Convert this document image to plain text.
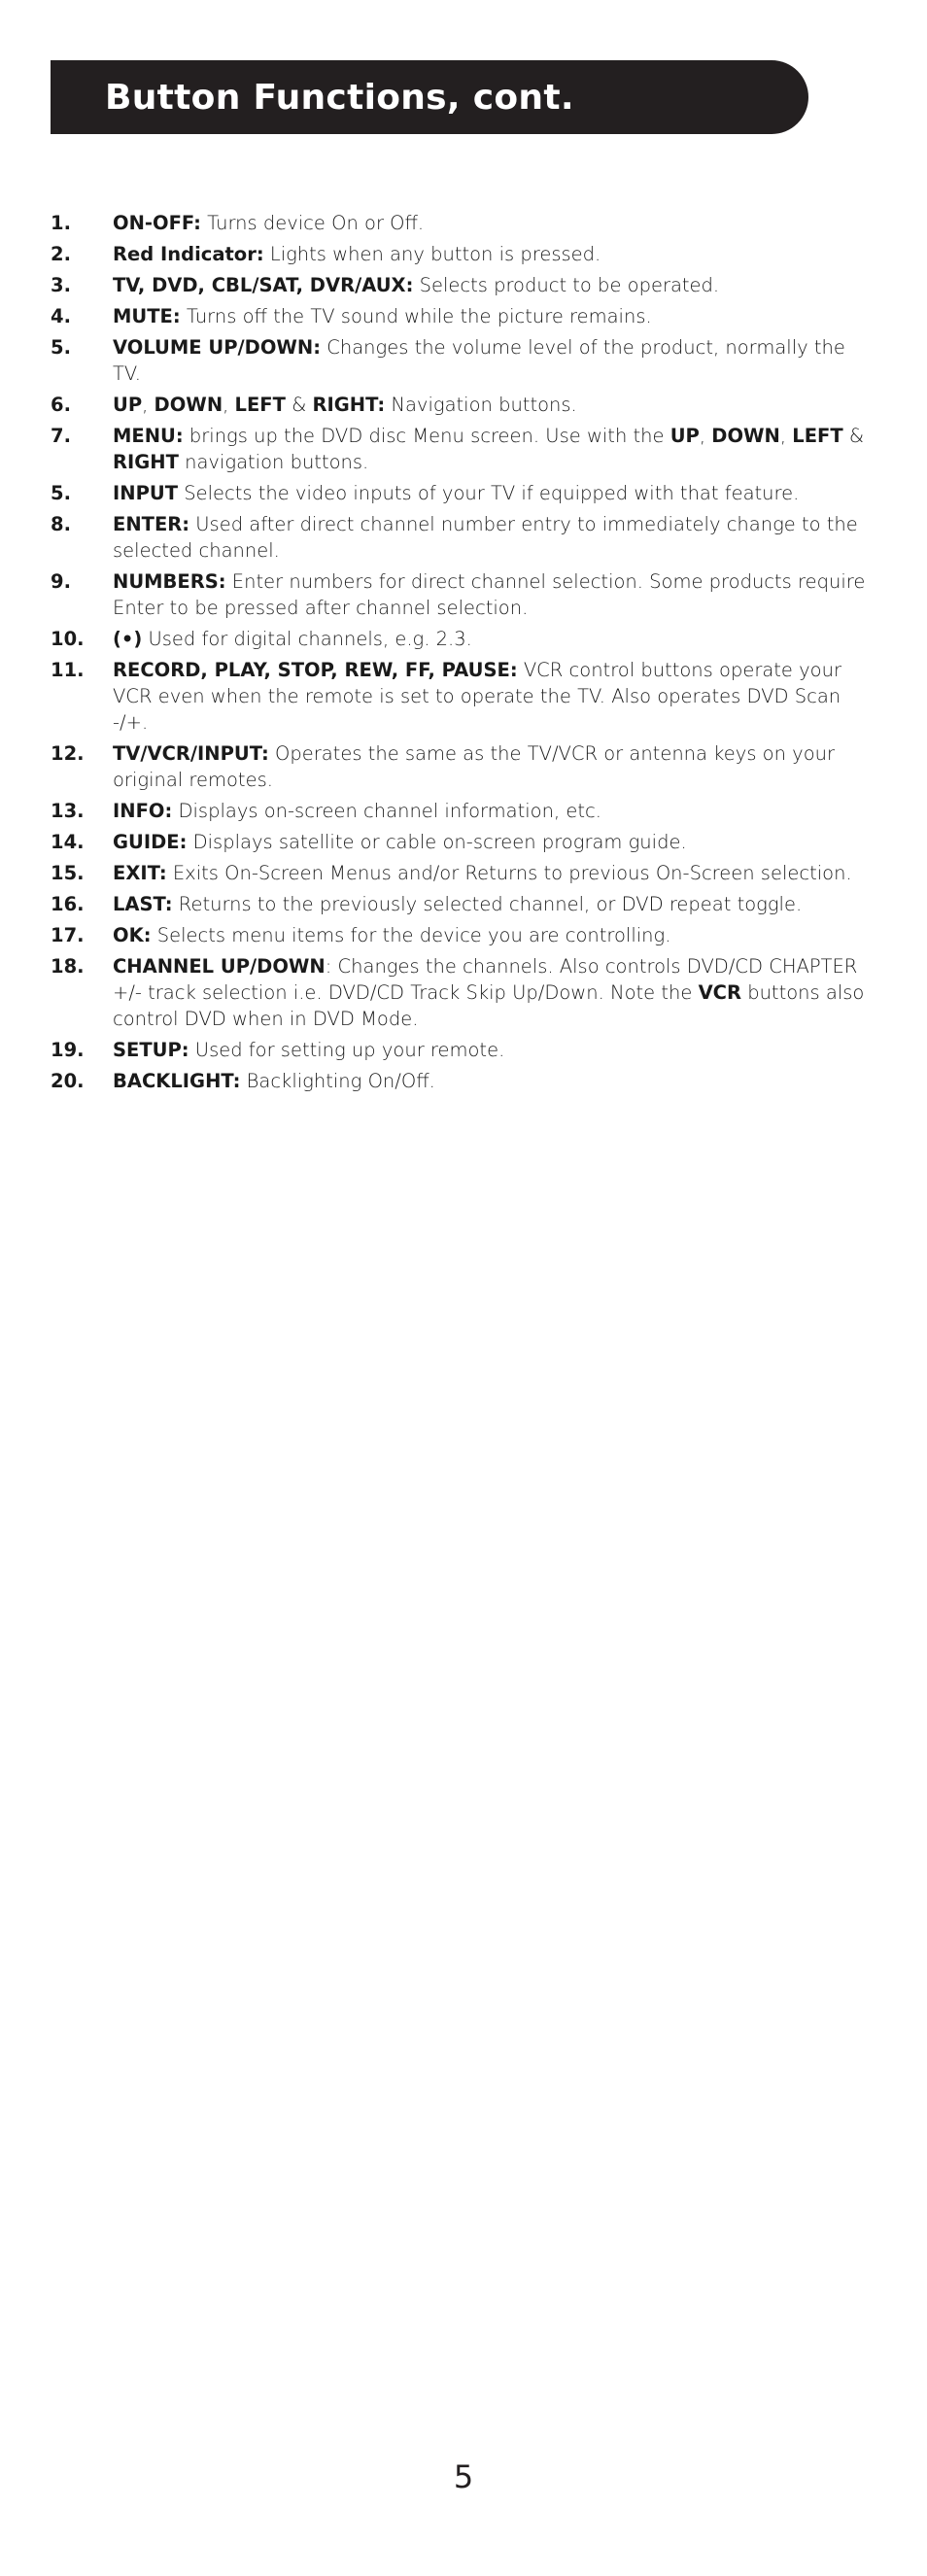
Button Functions, cont.
1.	ON-OFF: Turns device On or Off.
2.	Red Indicator: Lights when any button is pressed.
3.	TV, DVD, CBL/SAT, DVR/AUX: Selects product to be operated.
4.	MUTE: Turns off the TV sound while the picture remains.
5.	VOLUME UP/DOWN: Changes the volume level of the product, normally the TV.
6.	UP, DOWN, LEFT & RIGHT: Navigation buttons.
7.	MENU: brings up the DVD disc Menu screen. Use with the UP, DOWN, LEFT & RIGHT navigation buttons.
5.	INPUT Selects the video inputs of your TV if equipped with that feature.
8.	ENTER: Used after direct channel number entry to immediately change to the selected channel.
9.	NUMBERS: Enter numbers for direct channel selection. Some products require Enter to be pressed after channel selection.
10.	(•) Used for digital channels, e.g. 2.3.
11.	RECORD, PLAY, STOP, REW, FF, PAUSE: VCR control buttons operate your VCR even when the remote is set to operate the TV. Also operates DVD Scan -/+.
12.	TV/VCR/INPUT: Operates the same as the TV/VCR or antenna keys on your original remotes.
13.	INFO: Displays on-screen channel information, etc.
14.	GUIDE: Displays satellite or cable on-screen program guide.
15.	EXIT: Exits On-Screen Menus and/or Returns to previous On-Screen selection.
16.	LAST: Returns to the previously selected channel, or DVD repeat toggle.
17.	OK: Selects menu items for the device you are controlling.
18.	CHANNEL UP/DOWN: Changes the channels. Also controls DVD/CD CHAPTER +/- track selection i.e. DVD/CD Track Skip Up/Down. Note the VCR buttons also control DVD when in DVD Mode.
19.	SETUP: Used for setting up your remote.
20.	BACKLIGHT: Backlighting On/Off.
5
